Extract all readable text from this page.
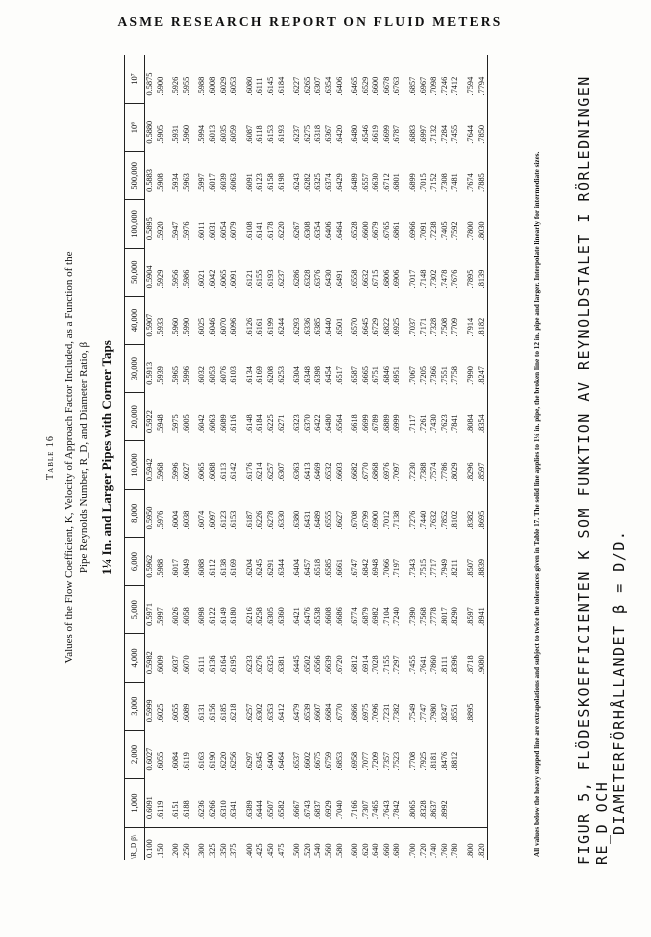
ASME RESEARCH REPORT ON FLUID METERS
Table 16 Values of the Flow Coefficient, K, Velocity of Approach Factor Included, as a Function of the Pipe Reynolds Number, R_D, and Diameter Ratio, β 1¼ In. and Larger Pipes with Corner Taps
\R_D β\	1,000	2,000	3,000	4,000	5,000	6,000	8,000	10,000	20,000	30,000	40,000	50,000	100,000	500,000	10⁶	10⁷
0.100	0.6091	0.6027	0.5999	0.5982	0.5971	0.5962	0.5950	0.5942	0.5922	0.5913	0.5907	0.5904	0.5895	0.5883	0.5880	0.5875
.150	.6119	.6055	.6025	.6009	.5997	.5988	.5976	.5968	.5948	.5939	.5933	.5929	.5920	.5908	.5905	.5900

.200	.6151	.6084	.6055	.6037	.6026	.6017	.6004	.5996	.5975	.5965	.5960	.5956	.5947	.5934	.5931	.5926
.250	.6188	.6119	.6089	.6070	.6058	.6049	.6038	.6027	.6005	.5996	.5990	.5986	.5976	.5963	.5960	.5955

.300	.6236	.6163	.6131	.6111	.6098	.6088	.6074	.6065	.6042	.6032	.6025	.6021	.6011	.5997	.5994	.5988
.325	.6266	.6190	.6156	.6136	.6122	.6112	.6097	.6088	.6063	.6053	.6046	.6042	.6031	.6017	.6013	.6008
.350	.6310	.6220	.6185	.6164	.6149	.6138	.6123	.6113	.6089	.6076	.6070	.6065	.6054	.6039	.6035	.6029
.375	.6341	.6256	.6218	.6195	.6180	.6169	.6153	.6142	.6116	.6103	.6096	.6091	.6079	.6063	.6059	.6053

.400	.6389	.6297	.6257	.6233	.6216	.6204	.6187	.6176	.6148	.6134	.6126	.6121	.6108	.6091	.6087	.6080
.425	.6444	.6345	.6302	.6276	.6258	.6245	.6226	.6214	.6184	.6169	.6161	.6155	.6141	.6123	.6118	.6111
.450	.6507	.6400	.6353	.6325	.6305	.6291	.6278	.6257	.6225	.6208	.6199	.6193	.6178	.6158	.6153	.6145
.475	.6582	.6464	.6412	.6381	.6360	.6344	.6330	.6307	.6271	.6253	.6244	.6237	.6220	.6198	.6193	.6184

.500	.6667	.6537	.6479	.6445	.6421	.6404	.6380	.6363	.6323	.6304	.6293	.6286	.6267	.6243	.6237	.6227
.520	.6743	.6602	.6539	.6502	.6476	.6457	.6431	.6413	.6370	.6348	.6336	.6328	.6308	.6282	.6275	.6265
.540	.6837	.6675	.6607	.6566	.6538	.6518	.6489	.6469	.6422	.6398	.6385	.6376	.6354	.6325	.6318	.6307
.560	.6929	.6759	.6684	.6639	.6608	.6585	.6555	.6532	.6480	.6454	.6440	.6430	.6406	.6374	.6367	.6354
.580	.7040	.6853	.6770	.6720	.6686	.6661	.6627	.6603	.6564	.6517	.6501	.6491	.6464	.6429	.6420	.6406

.600	.7166	.6958	.6866	.6812	.6774	.6747	.6708	.6682	.6618	.6587	.6570	.6558	.6528	.6489	.6480	.6465
.620	.7307	.7077	.6975	.6914	.6879	.6842	.6799	.6770	.6699	.6665	.6645	.6632	.6600	.6557	.6546	.6529
.640	.7465	.7209	.7096	.7028	.6982	.6948	.6900	.6868	.6789	.6751	.6729	.6715	.6679	.6630	.6619	.6600
.660	.7643	.7357	.7231	.7155	.7104	.7066	.7012	.6976	.6889	.6846	.6822	.6806	.6765	.6712	.6699	.6678
.680	.7842	.7523	.7382	.7297	.7240	.7197	.7138	.7097	.6999	.6951	.6925	.6906	.6861	.6801	.6787	.6763

.700	.8065	.7708	.7549	.7455	.7390	.7343	.7276	.7230	.7117	.7067	.7037	.7017	.6966	.6899	.6883	.6857
.720	.8328	.7925	.7747	.7641	.7568	.7515	.7440	.7388	.7261	.7205	.7171	.7148	.7091	.7015	.6997	.6967
.740	.8637	.8181	.7980	.7860	.7778	.7717	.7632	.7574	.7430	.7366	.7328	.7302	.7238	.7152	.7132	.7098
.760	.8992	.8476	.8247	.8111	.8017	.7949	.7852	.7786	.7623	.7551	.7508	.7478	.7405	.7308	.7284	.7246
.780		.8812	.8551	.8396	.8290	.8211	.8102	.8029	.7841	.7758	.7709	.7676	.7592	.7481	.7455	.7412

.800			.8895	.8718	.8597	.8507	.8382	.8296	.8084	.7990	.7914	.7895	.7800	.7674	.7644	.7594
.820				.9080	.8941	.8839	.8695	.8597	.8354	.8247	.8182	.8139	.8030	.7885	.7850	.7794
All values below the heavy stepped line are extrapolations and subject to twice the tolerances given in Table 17. The solid line applies to 1¼ in. pipe, the broken line to 12 in. pipe and larger. Interpolate linearly for intermediate sizes. FIGUR 5, FLÖDESKOEFFICIENTEN K SOM FUNKTION AV REYNOLDSTALET I RÖRLEDNINGEN RE_D OCH DIAMETERFÖRHÅLLANDET β = D/D.
